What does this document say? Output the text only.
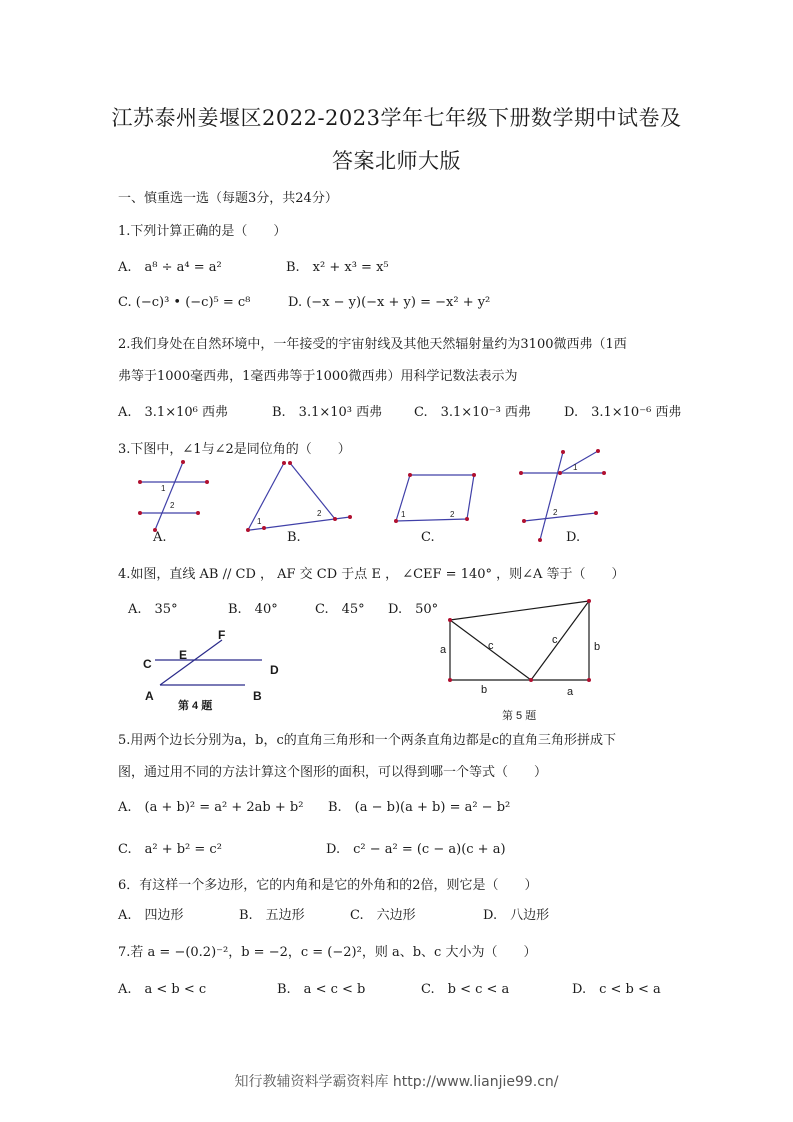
江苏泰州姜堰区2022-2023学年七年级下册数学期中试卷及
答案北师大版
一、慎重选一选（每题3分，共24分）
1.下列计算正确的是（　　）
A.　a⁸ ÷ a⁴ = a²	B.　x² + x³ = x⁵
C. (−c)³ • (−c)⁵ = c⁸	D. (−x − y)(−x + y) = −x² + y²
2.我们身处在自然环境中，一年接受的宇宙射线及其他天然辐射量约为3100微西弗（1西
弗等于1000毫西弗，1毫西弗等于1000微西弗）用科学记数法表示为
A.　3.1×10⁶ 西弗	B.　3.1×10³ 西弗 C.　3.1×10⁻³ 西弗	D.　3.1×10⁻⁶ 西弗
3.下图中，∠1与∠2是同位角的（　　）
1
2
1
2	1	2
1
2
A.	B.	C.	D.
4.如图，直线 AB // CD ， AF 交 CD 于点 E ， ∠CEF = 140° ，则∠A 等于（　　）
A.　35°	B.　40°	C.　45° D.　50°
F
E
C	D
A	B
第 4 题
a	c	c
b
b	a
第 5 题
5.用两个边长分别为a，b，c的直角三角形和一个两条直角边都是c的直角三角形拼成下
图，通过用不同的方法计算这个图形的面积，可以得到哪一个等式（　　）
A.　(a + b)² = a² + 2ab + b² B.　(a − b)(a + b) = a² − b²
C.　a² + b² = c²	D.　c² − a² = (c − a)(c + a)
6．有这样一个多边形，它的内角和是它的外角和的2倍，则它是（　　）
A.　四边形	B.　五边形	C.　六边形	D.　八边形
7.若 a = −(0.2)⁻²，b = −2，c = (−2)²，则 a、b、c 大小为（　　）
A.　a < b < c	B.　a < c < b	C.　b < c < a	D.　c < b < a
知行教辅资料学霸资料库 http://www.lianjie99.cn/
